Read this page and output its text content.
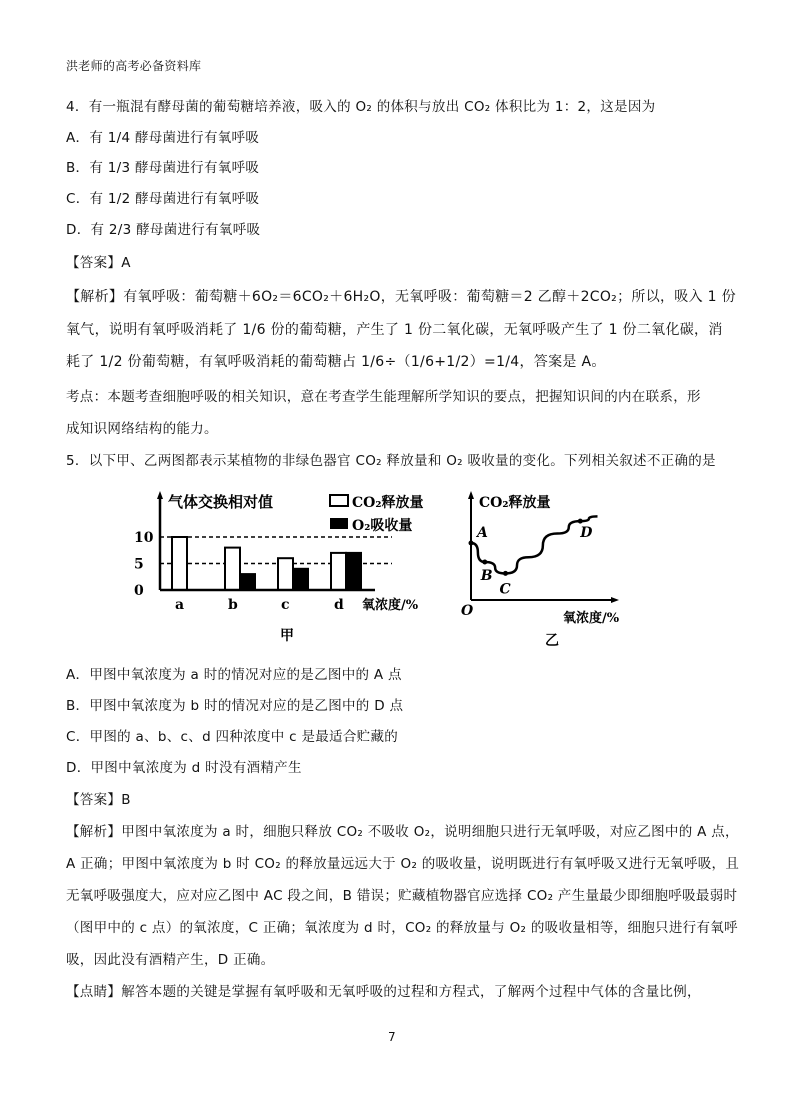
洪老师的高考必备资料库
4．有一瓶混有酵母菌的葡萄糖培养液，吸入的 O₂ 的体积与放出 CO₂ 体积比为 1：2，这是因为
A．有 1/4 酵母菌进行有氧呼吸
B．有 1/3 酵母菌进行有氧呼吸
C．有 1/2 酵母菌进行有氧呼吸
D．有 2/3 酵母菌进行有氧呼吸
【答案】A
【解析】有氧呼吸：葡萄糖＋6O₂＝6CO₂＋6H₂O，无氧呼吸：葡萄糖＝2 乙醇＋2CO₂；所以，吸入 1 份
氧气，说明有氧呼吸消耗了 1/6 份的葡萄糖，产生了 1 份二氧化碳，无氧呼吸产生了 1 份二氧化碳，消
耗了 1/2 份葡萄糖，有氧呼吸消耗的葡萄糖占 1/6÷（1/6+1/2）=1/4，答案是 A。
考点：本题考查细胞呼吸的相关知识，意在考查学生能理解所学知识的要点，把握知识间的内在联系，形
成知识网络结构的能力。
5．以下甲、乙两图都表示某植物的非绿色器官 CO₂ 释放量和 O₂ 吸收量的变化。下列相关叙述不正确的是
气体交换相对值
0
5
10
a	b	c	d 氧浓度/%
CO₂释放量
O₂吸收量
甲
CO₂释放量
A
B
C
D
O	氧浓度/%
乙
A．甲图中氧浓度为 a 时的情况对应的是乙图中的 A 点
B．甲图中氧浓度为 b 时的情况对应的是乙图中的 D 点
C．甲图的 a、b、c、d 四种浓度中 c 是最适合贮藏的
D．甲图中氧浓度为 d 时没有酒精产生
【答案】B
【解析】甲图中氧浓度为 a 时，细胞只释放 CO₂ 不吸收 O₂，说明细胞只进行无氧呼吸，对应乙图中的 A 点，
A 正确；甲图中氧浓度为 b 时 CO₂ 的释放量远远大于 O₂ 的吸收量，说明既进行有氧呼吸又进行无氧呼吸，且
无氧呼吸强度大，应对应乙图中 AC 段之间，B 错误；贮藏植物器官应选择 CO₂ 产生量最少即细胞呼吸最弱时
（图甲中的 c 点）的氧浓度，C 正确；氧浓度为 d 时，CO₂ 的释放量与 O₂ 的吸收量相等，细胞只进行有氧呼
吸，因此没有酒精产生，D 正确。
【点睛】解答本题的关键是掌握有氧呼吸和无氧呼吸的过程和方程式，了解两个过程中气体的含量比例，
7
